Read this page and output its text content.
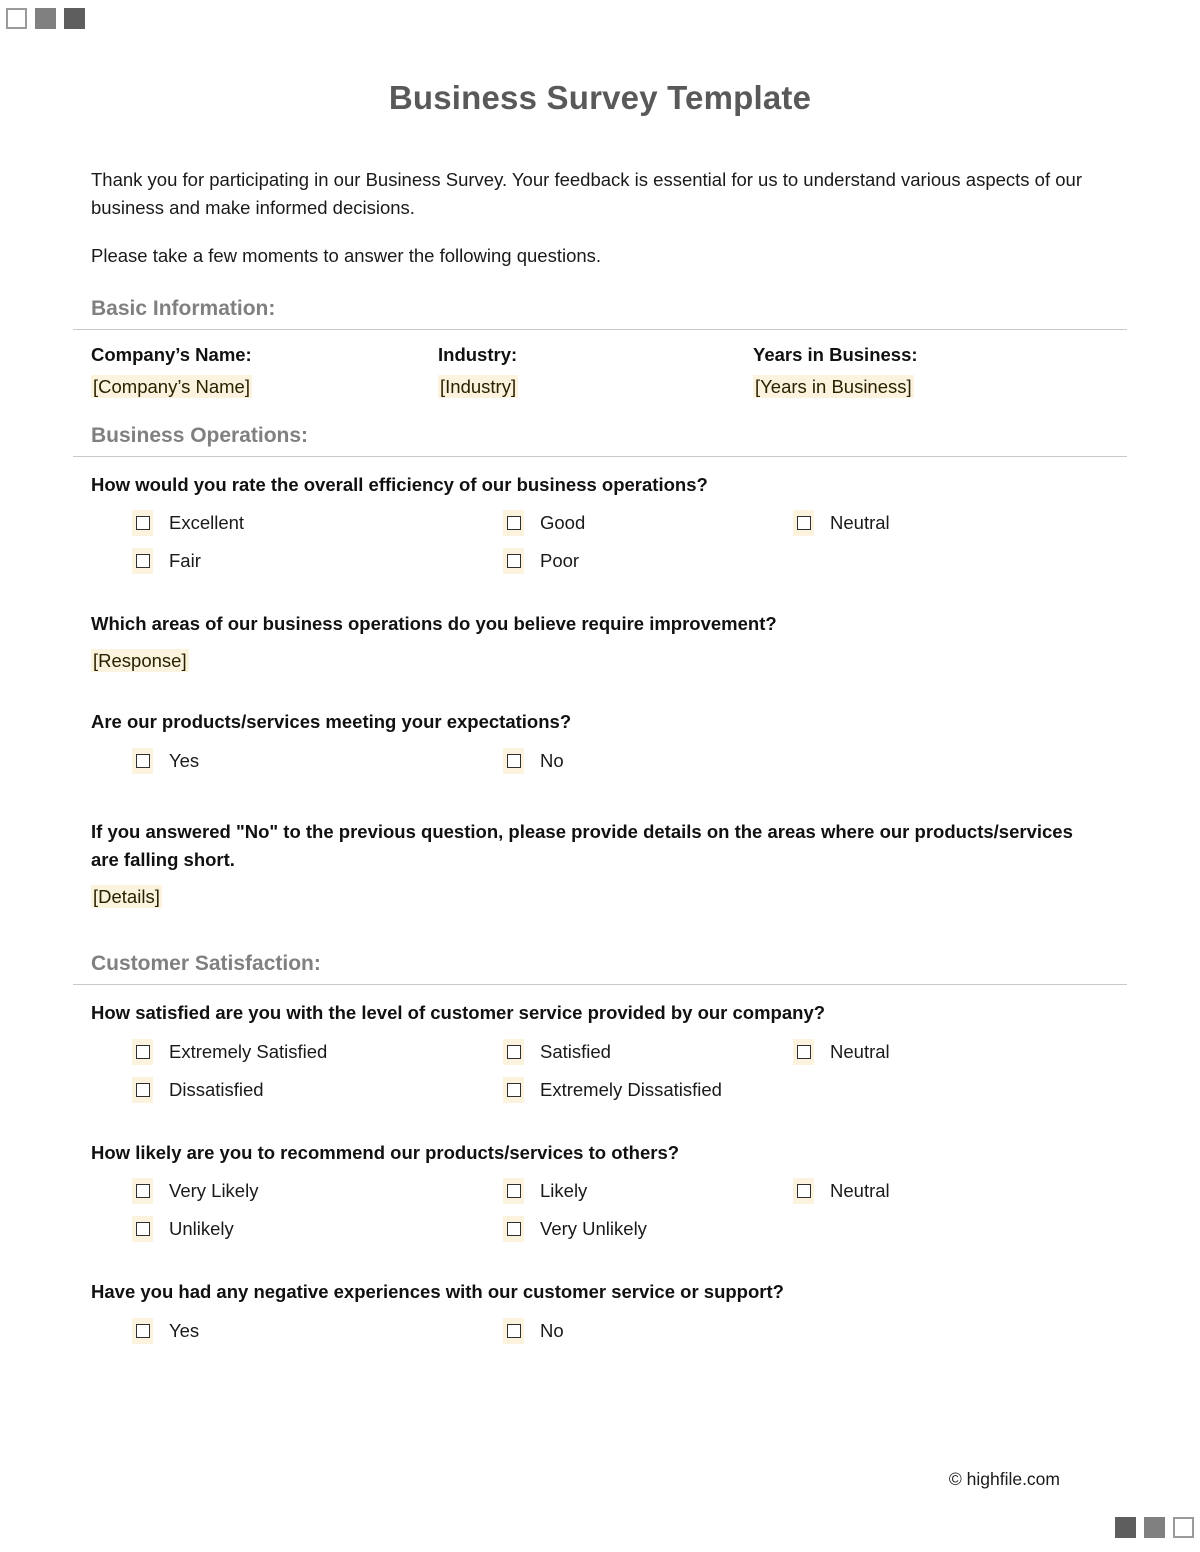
Business Survey Template

Thank you for participating in our Business Survey. Your feedback is essential for us to understand various aspects of our business and make informed decisions.

Please take a few moments to answer the following questions.

Basic Information:
Company’s Name:	Industry:	Years in Business:
[Company’s Name]	[Industry]	[Years in Business]
Business Operations:
How would you rate the overall efficiency of our business operations?
Excellent	Good	Neutral
Fair	Poor
Which areas of our business operations do you believe require improvement?
[Response]
Are our products/services meeting your expectations?
Yes	No
If you answered "No" to the previous question, please provide details on the areas where our products/services are falling short.
[Details]
Customer Satisfaction:
How satisfied are you with the level of customer service provided by our company?
Extremely Satisfied	Satisfied	Neutral
Dissatisfied	Extremely Dissatisfied
How likely are you to recommend our products/services to others?
Very Likely	Likely	Neutral
Unlikely	Very Unlikely
Have you had any negative experiences with our customer service or support?
Yes	No
© highfile.com
